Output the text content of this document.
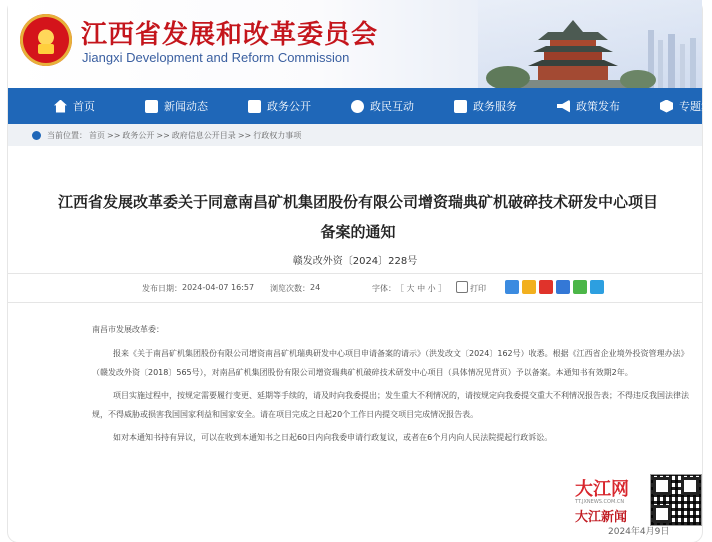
江西省发展和改革委员会
Jiangxi Development and Reform Commission
首页	新闻动态	政务公开	政民互动	政务服务	政策发布	专题集
当前位置： 首页 >> 政务公开 >> 政府信息公开目录 >> 行政权力事项
江西省发展改革委关于同意南昌矿机集团股份有限公司增资瑞典矿机破碎技术研发中心项目
备案的通知
赣发改外资〔2024〕228号
发布日期： 2024-04-07 16:57 浏览次数： 24	字体： ［ 大 中 小 ］	打印
南昌市发展改革委：

报来《关于南昌矿机集团股份有限公司增资南昌矿机瑞典研发中心项目申请备案的请示》（洪发改文〔2024〕162号）收悉。根据《江西省企业境外投资管理办法》（赣发改外资〔2018〕565号），对南昌矿机集团股份有限公司增资瑞典矿机破碎技术研发中心项目（具体情况见背页）予以备案。本通知书有效期2年。

项目实施过程中，按规定需要履行变更、延期等手续的，请及时向我委提出；发生重大不利情况的，请按规定向我委提交重大不利情况报告表；不得违反我国法律法规，不得威胁或损害我国国家利益和国家安全。请在项目完成之日起20个工作日内提交项目完成情况报告表。

如对本通知书持有异议，可以在收到本通知书之日起60日内向我委申请行政复议，或者在6个月内向人民法院提起行政诉讼。

大江网
TT.JXNEWS.COM.CN
大江新闻
2024年4月9日
